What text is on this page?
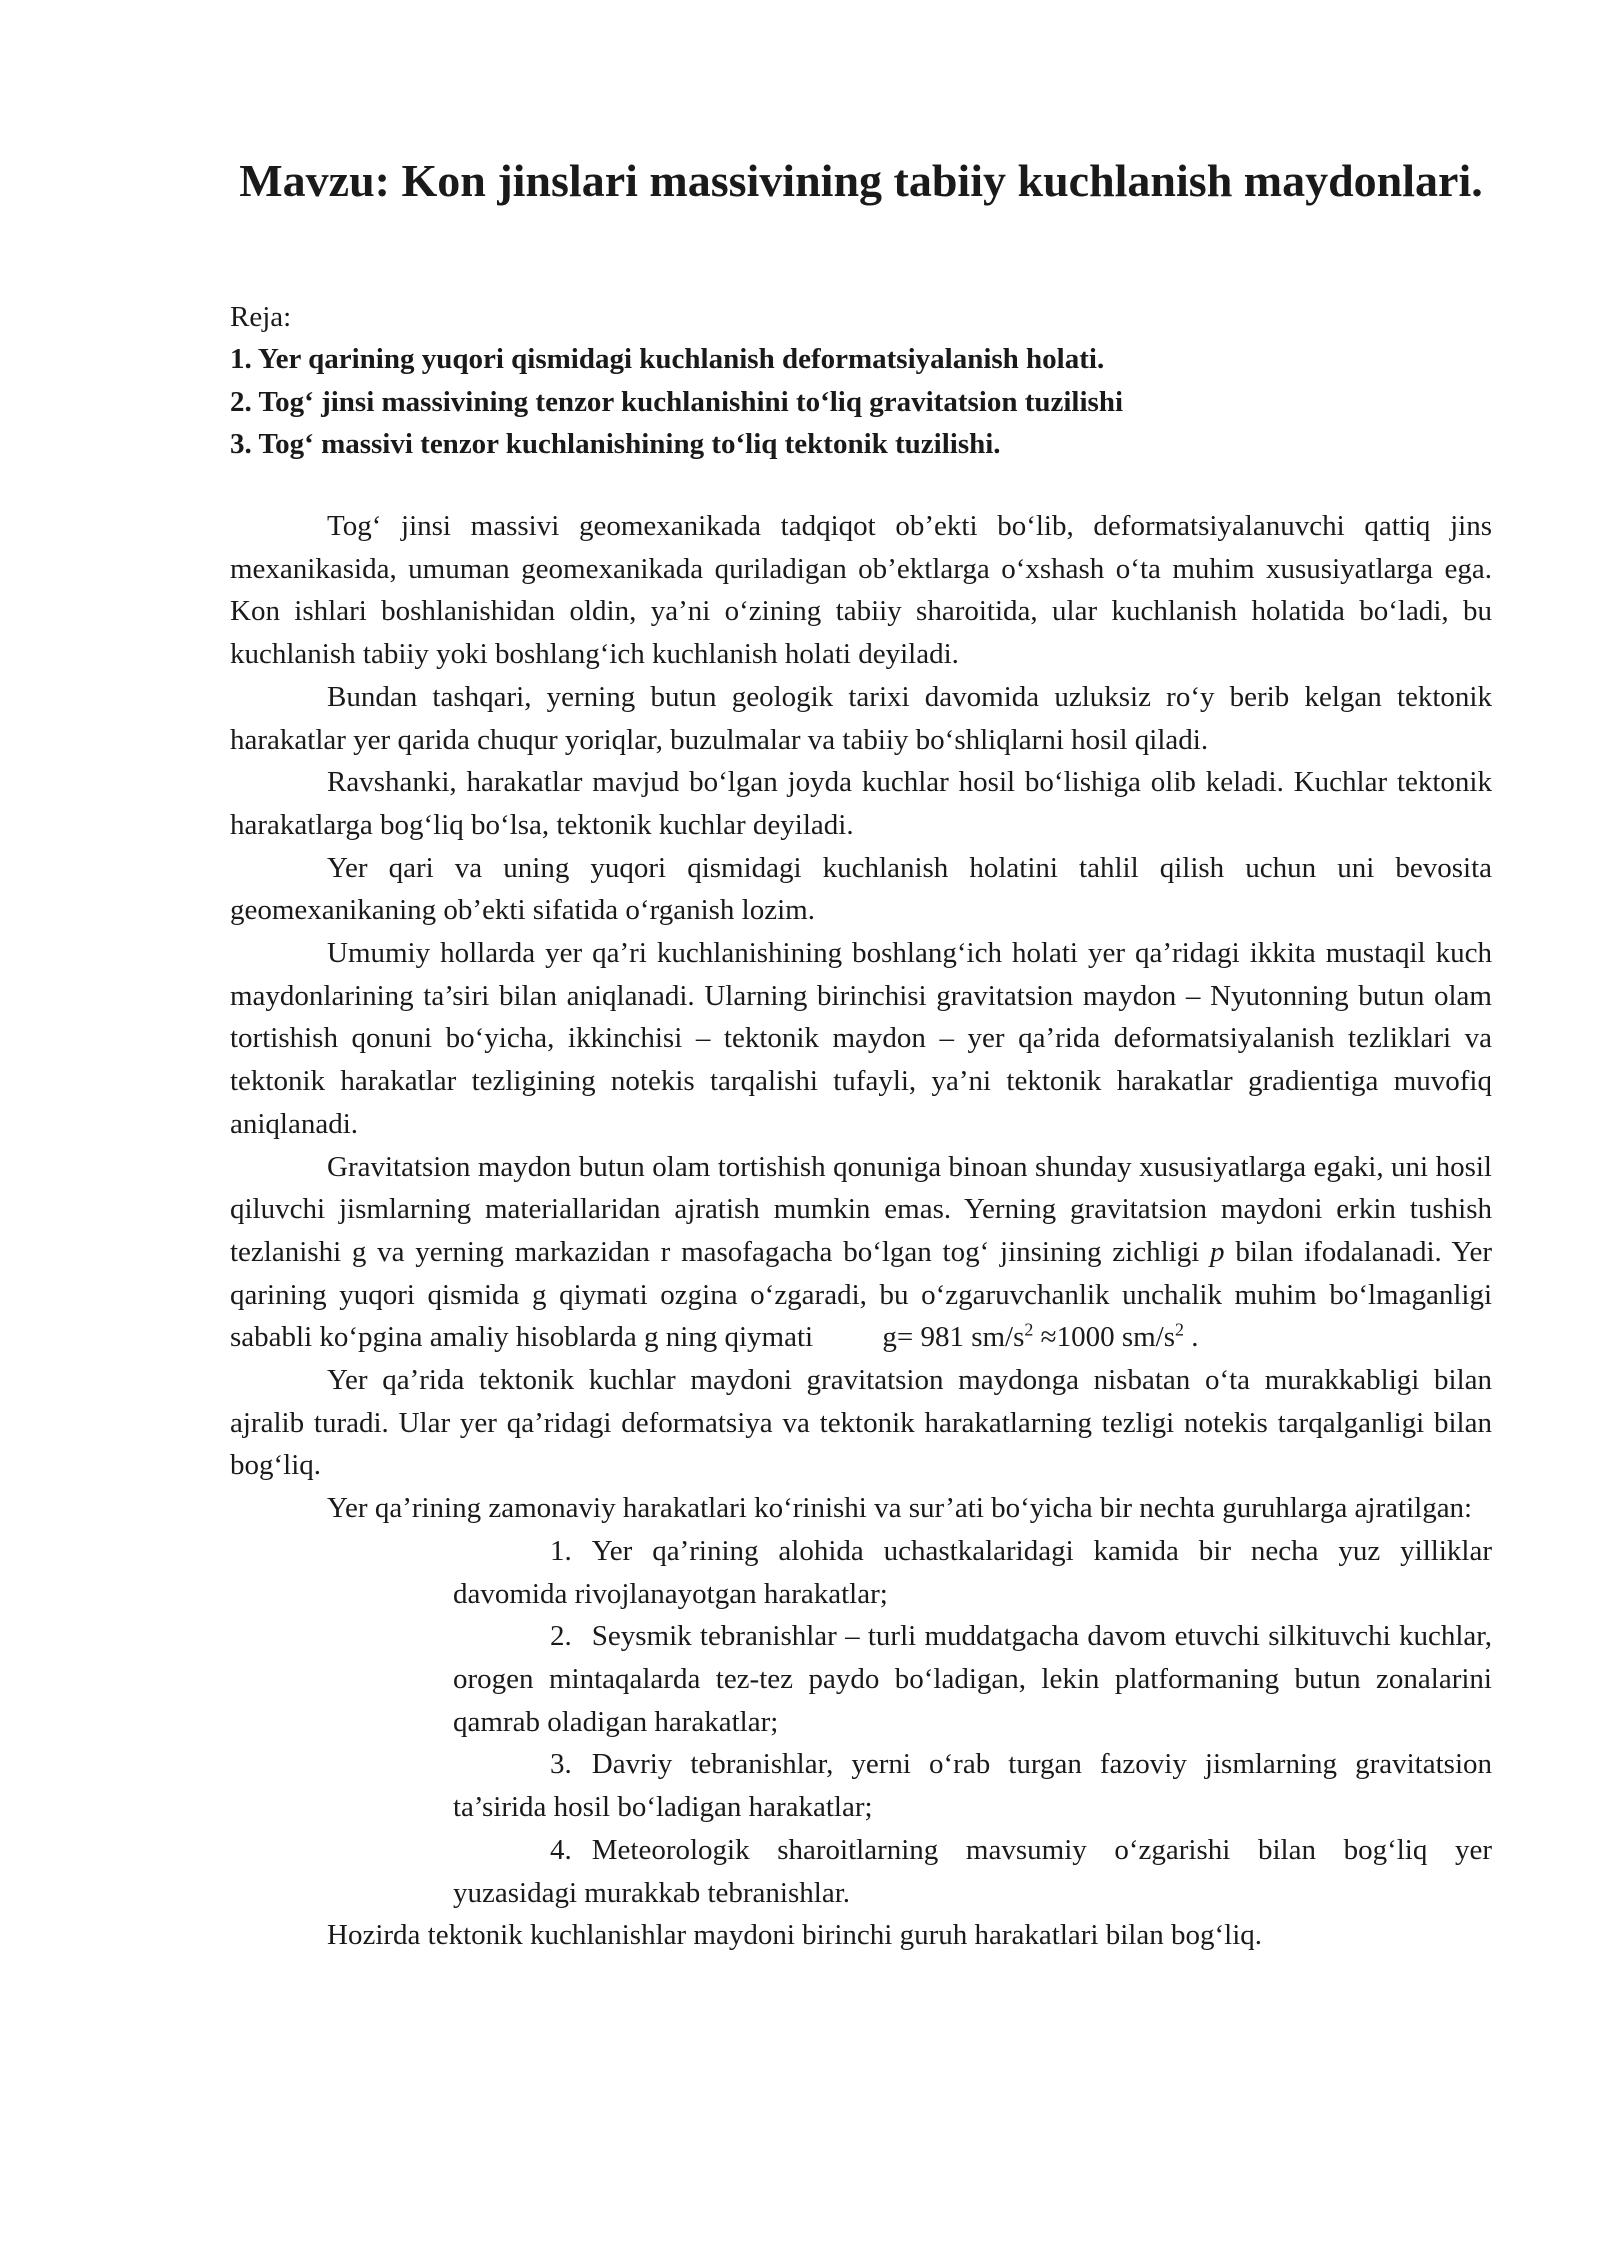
Mavzu: Kon jinslari massivining tabiiy kuchlanish maydonlari.

Reja:

1. Yer qarining yuqori qismidagi kuchlanish deformatsiyalanish holati.
2. Tog‘ jinsi massivining tenzor kuchlanishini to‘liq gravitatsion tuzilishi
3. Tog‘ massivi tenzor kuchlanishining to‘liq tektonik tuzilishi.

Tog‘ jinsi massivi geomexanikada tadqiqot ob’ekti bo‘lib, deformatsiyalanuvchi qattiq jins mexanikasida, umuman geomexanikada quriladigan ob’ektlarga o‘xshash o‘ta muhim xususiyatlarga ega. Kon ishlari boshlanishidan oldin, ya’ni o‘zining tabiiy sharoitida, ular kuchlanish holatida bo‘ladi, bu kuchlanish tabiiy yoki boshlang‘ich kuchlanish holati deyiladi.

Bundan tashqari, yerning butun geologik tarixi davomida uzluksiz ro‘y berib kelgan tektonik harakatlar yer qarida chuqur yoriqlar, buzulmalar va tabiiy bo‘shliqlarni hosil qiladi.

Ravshanki, harakatlar mavjud bo‘lgan joyda kuchlar hosil bo‘lishiga olib keladi. Kuchlar tektonik harakatlarga bog‘liq bo‘lsa, tektonik kuchlar deyiladi.

Yer qari va uning yuqori qismidagi kuchlanish holatini tahlil qilish uchun uni bevosita geomexanikaning ob’ekti sifatida o‘rganish lozim.

Umumiy hollarda yer qa’ri kuchlanishining boshlang‘ich holati yer qa’ridagi ikkita mustaqil kuch maydonlarining ta’siri bilan aniqlanadi. Ularning birinchisi gravitatsion maydon – Nyutonning butun olam tortishish qonuni bo‘yicha, ikkinchisi – tektonik maydon – yer qa’rida deformatsiyalanish tezliklari va tektonik harakatlar tezligining notekis tarqalishi tufayli, ya’ni tektonik harakatlar gradientiga muvofiq aniqlanadi.

Gravitatsion maydon butun olam tortishish qonuniga binoan shunday xususiyatlarga egaki, uni hosil qiluvchi jismlarning materiallaridan ajratish mumkin emas. Yerning gravitatsion maydoni erkin tushish tezlanishi g va yerning markazidan r masofagacha bo‘lgan tog‘ jinsining zichligi p bilan ifodalanadi. Yer qarining yuqori qismida g qiymati ozgina o‘zgaradi, bu o‘zgaruvchanlik unchalik muhim bo‘lmaganligi sababli ko‘pgina amaliy hisoblarda g ning qiymati g= 981 $sm/s^2 \approx 1000$ $sm/s^2$ .

Yer qa’rida tektonik kuchlar maydoni gravitatsion maydonga nisbatan o‘ta murakkabligi bilan ajralib turadi. Ular yer qa’ridagi deformatsiya va tektonik harakatlarning tezligi notekis tarqalganligi bilan bog‘liq.

Yer qa’rining zamonaviy harakatlari ko‘rinishi va sur’ati bo‘yicha bir nechta guruhlarga ajratilgan:

1. Yer qa’rining alohida uchastkalaridagi kamida bir necha yuz yilliklar davomida rivojlanayotgan harakatlar;
2. Seysmik tebranishlar – turli muddatgacha davom etuvchi silkituvchi kuchlar, orogen mintaqalarda tez-tez paydo bo‘ladigan, lekin platformaning butun zonalarini qamrab oladigan harakatlar;
3. Davriy tebranishlar, yerni o‘rab turgan fazoviy jismlarning gravitatsion ta’sirida hosil bo‘ladigan harakatlar;
4. Meteorologik sharoitlarning mavsumiy o‘zgarishi bilan bog‘liq yer yuzasidagi murakkab tebranishlar.

Hozirda tektonik kuchlanishlar maydoni birinchi guruh harakatlari bilan bog‘liq.
